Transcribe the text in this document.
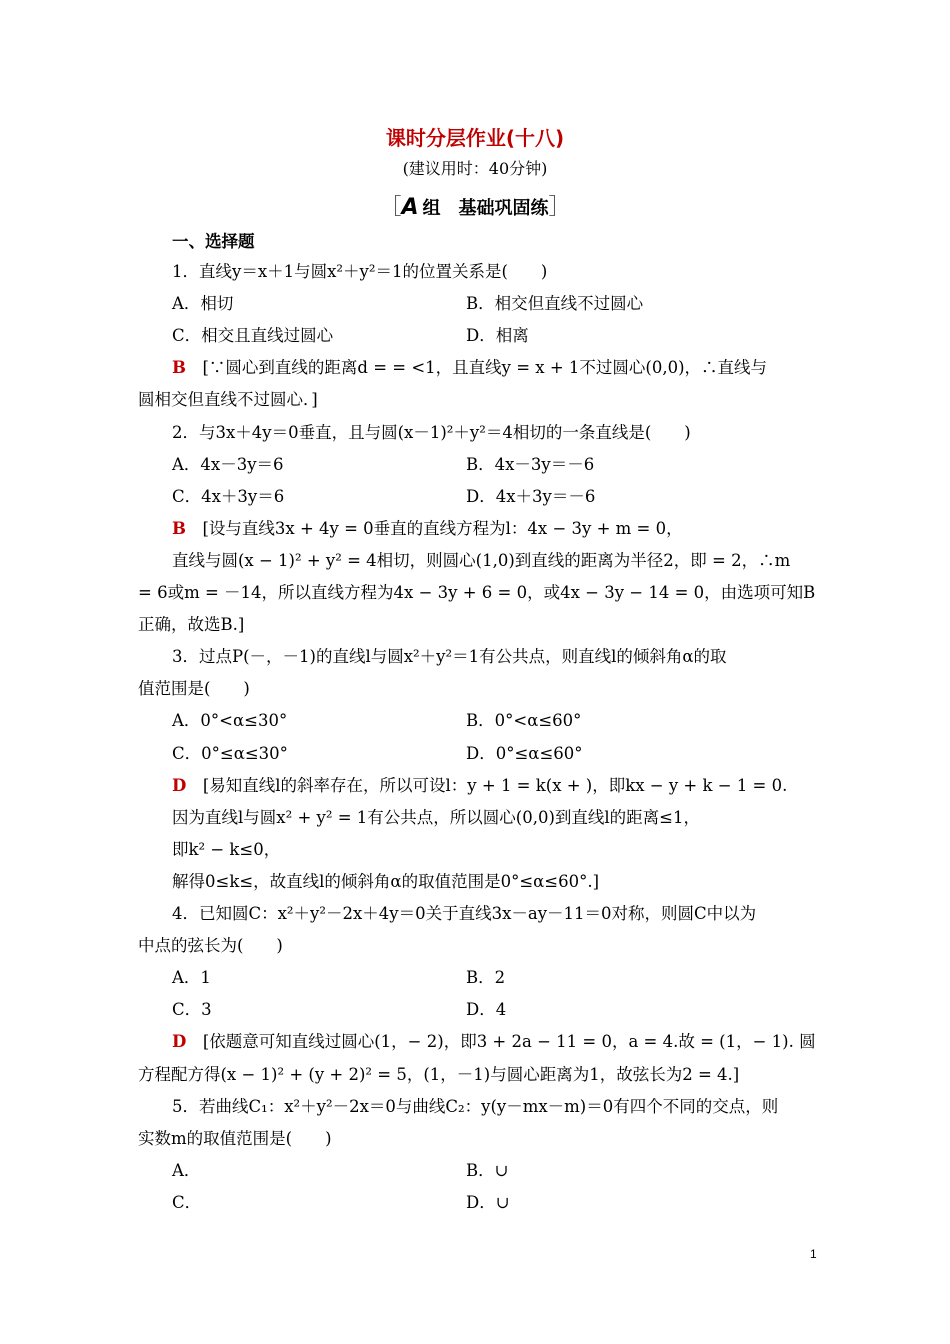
课时分层作业(十八)
(建议用时：40分钟)
［A 组　基础巩固练］
一、选择题
1．直线y＝x＋1与圆x²＋y²＝1的位置关系是(　　)
A．相切	B．相交但直线不过圆心
C．相交且直线过圆心	D．相离
B　 [∵圆心到直线的距离d = = <1，且直线y = x + 1不过圆心(0,0)，∴直线与
圆相交但直线不过圆心．]
2．与3x＋4y＝0垂直，且与圆(x－1)²＋y²＝4相切的一条直线是(　　)
A．4x－3y＝6	B．4x－3y＝－6
C．4x＋3y＝6	D．4x＋3y＝－6
B　 [设与直线3x + 4y = 0垂直的直线方程为l：4x − 3y + m = 0，
直线与圆(x − 1)² + y² = 4相切，则圆心(1,0)到直线的距离为半径2，即 = 2，∴m
= 6或m = －14，所以直线方程为4x − 3y + 6 = 0，或4x − 3y − 14 = 0，由选项可知B
正确，故选B.]
3．过点P(－，－1)的直线l与圆x²＋y²＝1有公共点，则直线l的倾斜角α的取
值范围是(　　)
A．0°<α≤30°	B．0°<α≤60°
C．0°≤α≤30°	D．0°≤α≤60°
D　 [易知直线l的斜率存在，所以可设l：y + 1 = k(x + )，即kx − y + k − 1 = 0.
因为直线l与圆x² + y² = 1有公共点，所以圆心(0,0)到直线l的距离≤1，
即k² − k≤0，
解得0≤k≤，故直线l的倾斜角α的取值范围是0°≤α≤60°.]
4．已知圆C：x²＋y²－2x＋4y＝0关于直线3x－ay－11＝0对称，则圆C中以为
中点的弦长为(　　)
A．1	B．2
C．3	D．4
D　 [依题意可知直线过圆心(1，− 2)，即3 + 2a − 11 = 0，a = 4.故 = (1，− 1). 圆
方程配方得(x − 1)² + (y + 2)² = 5，(1，－1)与圆心距离为1，故弦长为2 = 4.]
5．若曲线C₁：x²＋y²－2x＝0与曲线C₂：y(y－mx－m)＝0有四个不同的交点，则
实数m的取值范围是(　　)
A．	B．∪
C．	D．∪
1
